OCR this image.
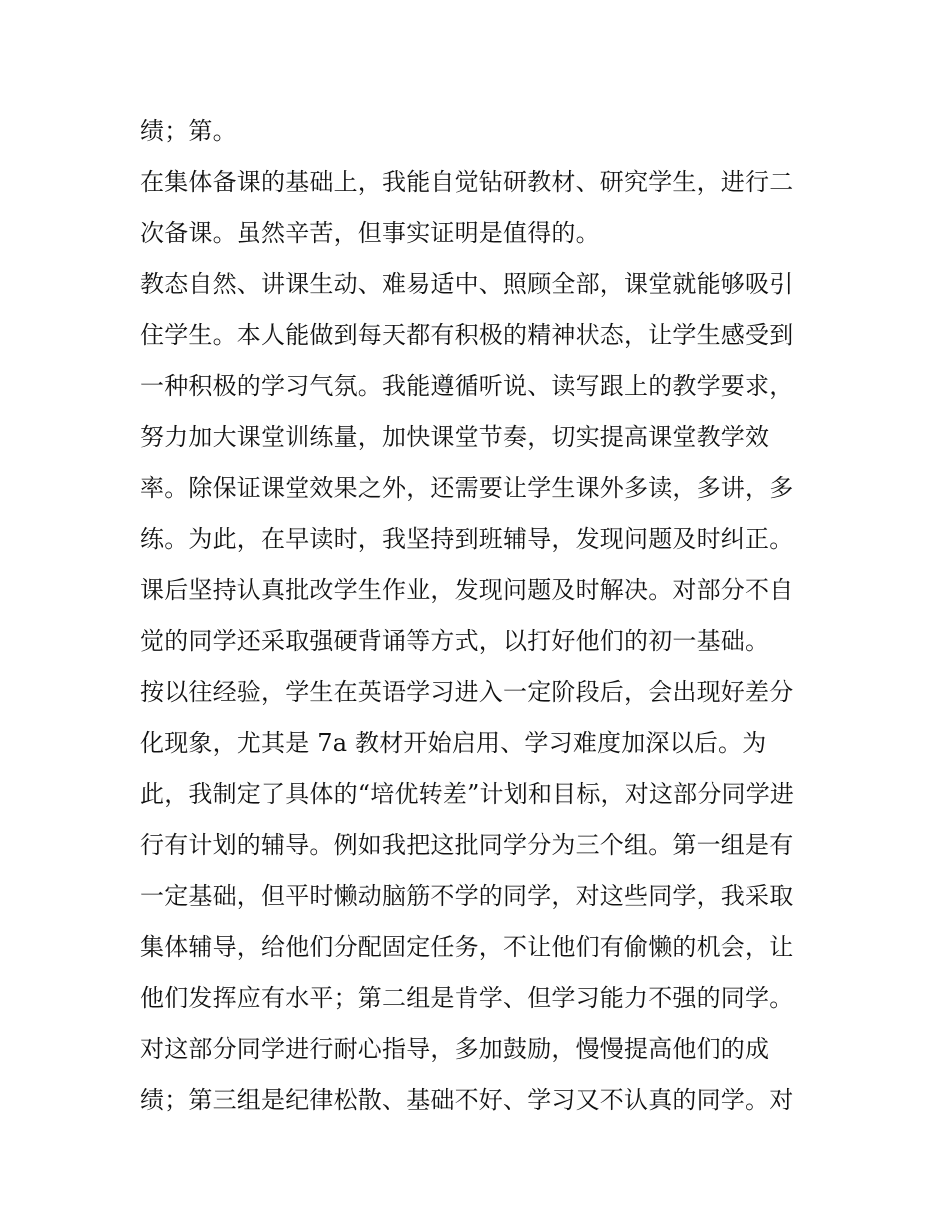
绩；第。
在集体备课的基础上，我能自觉钻研教材、研究学生，进行二
次备课。虽然辛苦，但事实证明是值得的。
教态自然、讲课生动、难易适中、照顾全部，课堂就能够吸引
住学生。本人能做到每天都有积极的精神状态，让学生感受到
一种积极的学习气氛。我能遵循听说、读写跟上的教学要求，
努力加大课堂训练量，加快课堂节奏，切实提高课堂教学效
率。除保证课堂效果之外，还需要让学生课外多读，多讲，多
练。为此，在早读时，我坚持到班辅导，发现问题及时纠正。
课后坚持认真批改学生作业，发现问题及时解决。对部分不自
觉的同学还采取强硬背诵等方式，以打好他们的初一基础。
按以往经验，学生在英语学习进入一定阶段后，会出现好差分
化现象，尤其是 7a 教材开始启用、学习难度加深以后。为
此，我制定了具体的“培优转差”计划和目标，对这部分同学进
行有计划的辅导。例如我把这批同学分为三个组。第一组是有
一定基础，但平时懒动脑筋不学的同学，对这些同学，我采取
集体辅导，给他们分配固定任务，不让他们有偷懒的机会，让
他们发挥应有水平；第二组是肯学、但学习能力不强的同学。
对这部分同学进行耐心指导，多加鼓励，慢慢提高他们的成
绩；第三组是纪律松散、基础不好、学习又不认真的同学。对
